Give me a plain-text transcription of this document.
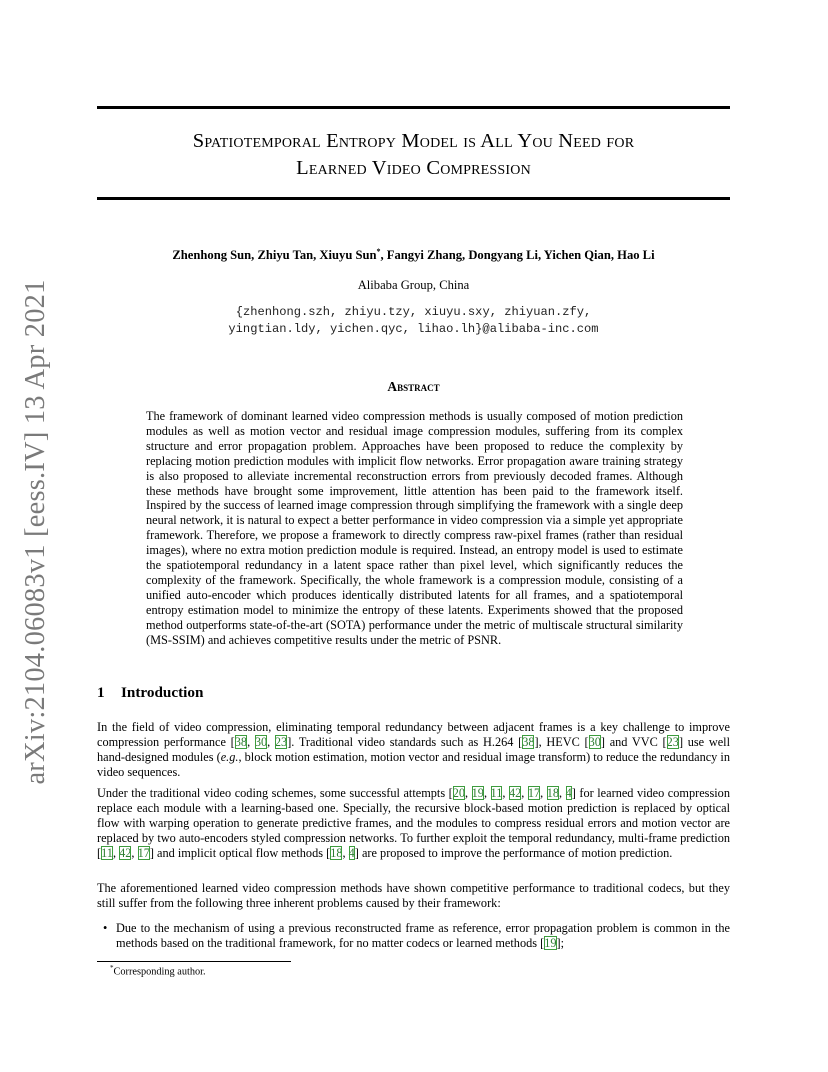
arXiv:2104.06083v1 [eess.IV] 13 Apr 2021
Spatiotemporal Entropy Model is All You Need for
Learned Video Compression
Zhenhong Sun, Zhiyu Tan, Xiuyu Sun*, Fangyi Zhang, Dongyang Li, Yichen Qian, Hao Li
Alibaba Group, China
{zhenhong.szh, zhiyu.tzy, xiuyu.sxy, zhiyuan.zfy,
yingtian.ldy, yichen.qyc, lihao.lh}@alibaba-inc.com
Abstract
The framework of dominant learned video compression methods is usually composed of motion prediction modules as well as motion vector and residual image compression modules, suffering from its complex structure and error propagation problem. Approaches have been proposed to reduce the complexity by replacing motion prediction modules with implicit flow networks. Error propagation aware training strategy is also proposed to alleviate incremental reconstruction errors from previously decoded frames. Although these methods have brought some improvement, little attention has been paid to the framework itself. Inspired by the success of learned image compression through simplifying the framework with a single deep neural network, it is natural to expect a better performance in video compression via a simple yet appropriate framework. Therefore, we propose a framework to directly compress raw-pixel frames (rather than residual images), where no extra motion prediction module is required. Instead, an entropy model is used to estimate the spatiotemporal redundancy in a latent space rather than pixel level, which significantly reduces the complexity of the framework. Specifically, the whole framework is a compression module, consisting of a unified auto-encoder which produces identically distributed latents for all frames, and a spatiotemporal entropy estimation model to minimize the entropy of these latents. Experiments showed that the proposed method outperforms state-of-the-art (SOTA) performance under the metric of multiscale structural similarity (MS-SSIM) and achieves competitive results under the metric of PSNR.
1 Introduction
In the field of video compression, eliminating temporal redundancy between adjacent frames is a key challenge to improve compression performance [38, 30, 23]. Traditional video standards such as H.264 [38], HEVC [30] and VVC [23] use well hand-designed modules (e.g., block motion estimation, motion vector and residual image transform) to reduce the redundancy in video sequences.
Under the traditional video coding schemes, some successful attempts [20, 19, 11, 42, 17, 18, 4] for learned video compression replace each module with a learning-based one. Specially, the recursive block-based motion prediction is replaced by optical flow with warping operation to generate predictive frames, and the modules to compress residual errors and motion vector are replaced by two auto-encoders styled compression networks. To further exploit the temporal redundancy, multi-frame prediction [11, 42, 17] and implicit optical flow methods [18, 4] are proposed to improve the performance of motion prediction.
The aforementioned learned video compression methods have shown competitive performance to traditional codecs, but they still suffer from the following three inherent problems caused by their framework:
• Due to the mechanism of using a previous reconstructed frame as reference, error propagation problem is common in the methods based on the traditional framework, for no matter codecs or learned methods [19];
*Corresponding author.
